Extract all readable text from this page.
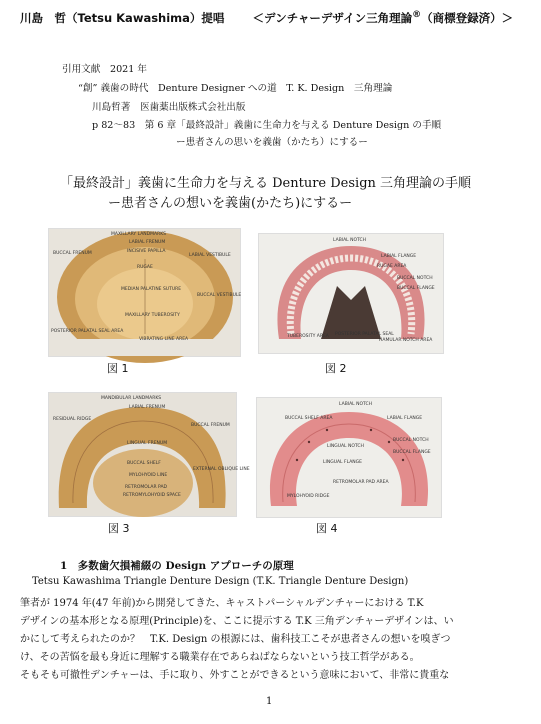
川島　哲（Tetsu Kawashima）提唱 ＜デンチャーデザイン三角理論®（商標登録済）＞
引用文献　2021 年
“創” 義歯の時代　Denture Designer への道　T. K. Design　三角理論
川島哲著　医歯薬出版株式会社出版
p 82～83　第 6 章「最終設計」義歯に生命力を与える Denture Design の手順
ー患者さんの思いを義歯（かたち）にするー
「最終設計」義歯に生命力を与える Denture Design 三角理論の手順
ー患者さんの想いを義歯(かたち)にするー
MAXILLARY LANDMARKS
LABIAL FRENUM
BUCCAL FRENUM	INCISIVE PAPILLA
LABIAL VESTIBULE
RUGAE
MEDIAN PALATINE SUTURE
BUCCAL VESTIBULE
MAXILLARY TUBEROSITY
POSTERIOR PALATAL SEAL AREA
VIBRATING LINE AREA
図 1
LABIAL NOTCH
LABIAL FLANGE
RUGAE AREA
BUCCAL NOTCH
BUCCAL FLANGE
POSTERIOR PALATAL SEAL
HAMULAR NOTCH AREA
TUBEROSITY AREA
図 2
MANDIBULAR LANDMARKS
LABIAL FRENUM
RESIDUAL RIDGE
BUCCAL FRENUM
LINGUAL FRENUM
BUCCAL SHELF
MYLOHYOID LINE
EXTERNAL OBLIQUE LINE
RETROMOLAR PAD
RETROMYLOHYOID SPACE
図 3
LABIAL NOTCH
LABIAL FLANGE
BUCCAL SHELF AREA
LINGUAL NOTCH
BUCCAL NOTCH
BUCCAL FLANGE
LINGUAL FLANGE
RETROMOLAR PAD AREA
MYLOHYOID RIDGE
図 4
1　多数歯欠損補綴の Design アプローチの原理
Tetsu Kawashima Triangle Denture Design (T.K. Triangle Denture Design)
筆者が 1974 年(47 年前)から開発してきた、キャストパーシャルデンチャーにおける T.K
デザインの基本形となる原理(Principle)を、ここに提示する T.K 三角デンチャーデザインは、い
かにして考えられたのか？　T.K. Design の根源には、歯科技工こそが患者さんの想いを嗅ぎつ
け、その苦悩を最も身近に理解する職業存在であらねばならないという技工哲学がある。
そもそも可撤性デンチャーは、手に取り、外すことができるという意味において、非常に貴重な
1
